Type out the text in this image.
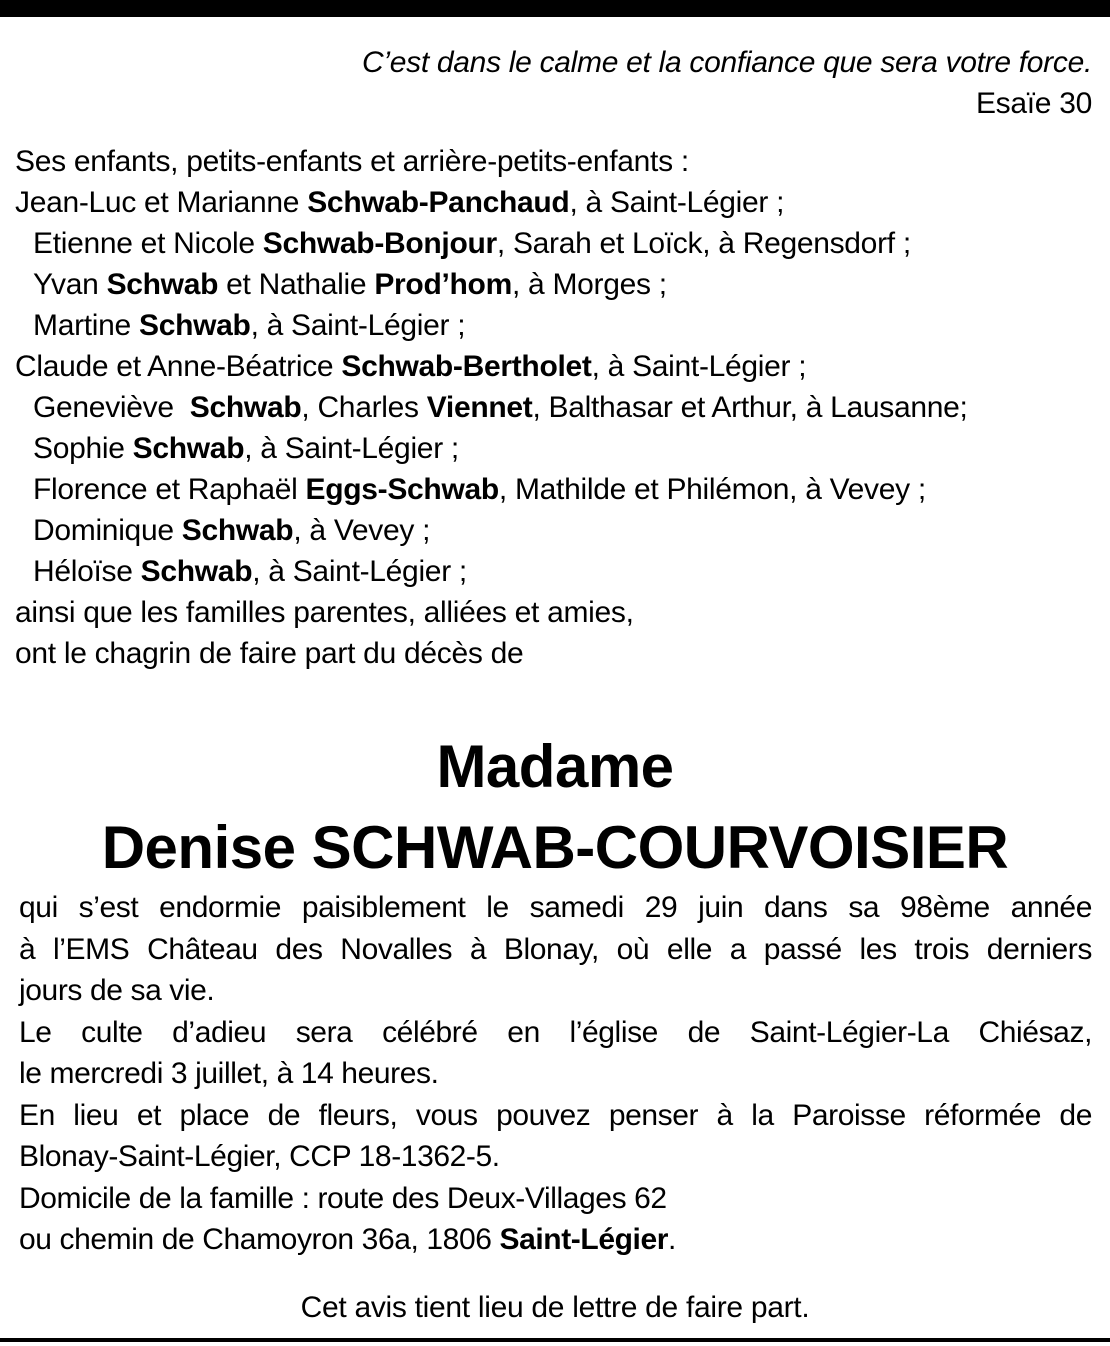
C’est dans le calme et la confiance que sera votre force.
Esaïe 30
Ses enfants, petits-enfants et arrière-petits-enfants :
Jean-Luc et Marianne Schwab-Panchaud, à Saint-Légier ;
Etienne et Nicole Schwab-Bonjour, Sarah et Loïck, à Regensdorf ;
Yvan Schwab et Nathalie Prod’hom, à Morges ;
Martine Schwab, à Saint-Légier ;
Claude et Anne-Béatrice Schwab-Bertholet, à Saint-Légier ;
Geneviève  Schwab, Charles Viennet, Balthasar et Arthur, à Lausanne;
Sophie Schwab, à Saint-Légier ;
Florence et Raphaël Eggs-Schwab, Mathilde et Philémon, à Vevey ;
Dominique Schwab, à Vevey ;
Héloïse Schwab, à Saint-Légier ;
ainsi que les familles parentes, alliées et amies,
ont le chagrin de faire part du décès de
Madame
Denise SCHWAB-COURVOISIER

qui s’est endormie paisiblement le samedi 29 juin dans sa 98ème année

à l’EMS Château des Novalles à Blonay, où elle a passé les trois derniers

jours de sa vie.

Le culte d’adieu sera célébré en l’église de Saint-Légier-La Chiésaz,

le mercredi 3 juillet, à 14 heures.

En lieu et place de fleurs, vous pouvez penser à la Paroisse réformée de

Blonay-Saint-Légier, CCP 18-1362-5.

Domicile de la famille : route des Deux-Villages 62

ou chemin de Chamoyron 36a, 1806 Saint-Légier.

Cet avis tient lieu de lettre de faire part.
